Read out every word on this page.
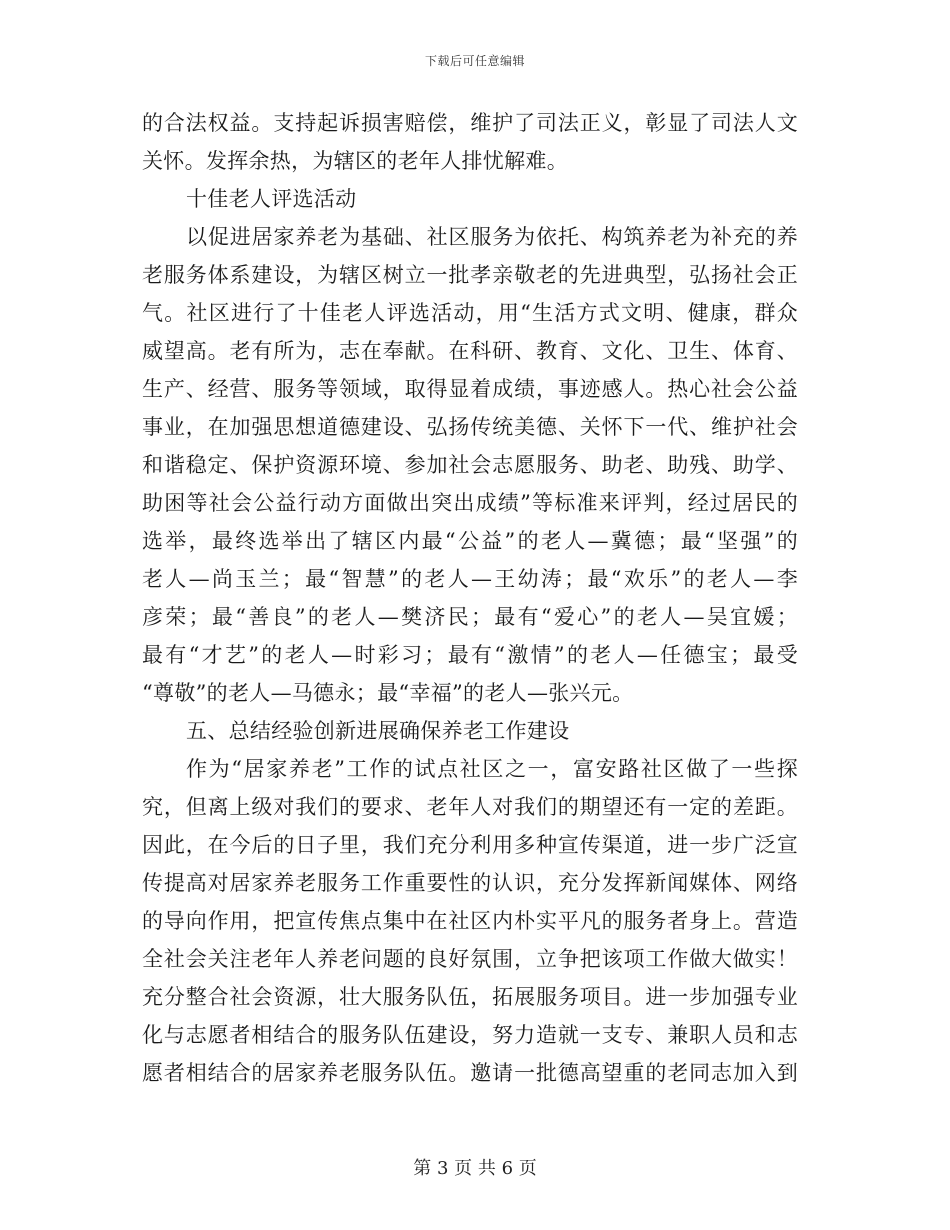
下载后可任意编辑
的合法权益。支持起诉损害赔偿，维护了司法正义，彰显了司法人文
关怀。发挥余热，为辖区的老年人排忧解难。
十佳老人评选活动
以促进居家养老为基础、社区服务为依托、构筑养老为补充的养
老服务体系建设，为辖区树立一批孝亲敬老的先进典型，弘扬社会正
气。社区进行了十佳老人评选活动，用“生活方式文明、健康，群众
威望高。老有所为，志在奉献。在科研、教育、文化、卫生、体育、
生产、经营、服务等领域，取得显着成绩，事迹感人。热心社会公益
事业，在加强思想道德建设、弘扬传统美德、关怀下一代、维护社会
和谐稳定、保护资源环境、参加社会志愿服务、助老、助残、助学、
助困等社会公益行动方面做出突出成绩”等标准来评判，经过居民的
选举，最终选举出了辖区内最“公益”的老人—冀德；最“坚强”的
老人—尚玉兰；最“智慧”的老人—王幼涛；最“欢乐”的老人—李
彦荣；最“善良”的老人—樊济民；最有“爱心”的老人—吴宜媛；
最有“才艺”的老人—时彩习；最有“激情”的老人—任德宝；最受
“尊敬”的老人—马德永；最“幸福”的老人—张兴元。
五、总结经验创新进展确保养老工作建设
作为“居家养老”工作的试点社区之一，富安路社区做了一些探
究，但离上级对我们的要求、老年人对我们的期望还有一定的差距。
因此，在今后的日子里，我们充分利用多种宣传渠道，进一步广泛宣
传提高对居家养老服务工作重要性的认识，充分发挥新闻媒体、网络
的导向作用，把宣传焦点集中在社区内朴实平凡的服务者身上。营造
全社会关注老年人养老问题的良好氛围，立争把该项工作做大做实！
充分整合社会资源，壮大服务队伍，拓展服务项目。进一步加强专业
化与志愿者相结合的服务队伍建设，努力造就一支专、兼职人员和志
愿者相结合的居家养老服务队伍。邀请一批德高望重的老同志加入到
第 3 页 共 6 页
